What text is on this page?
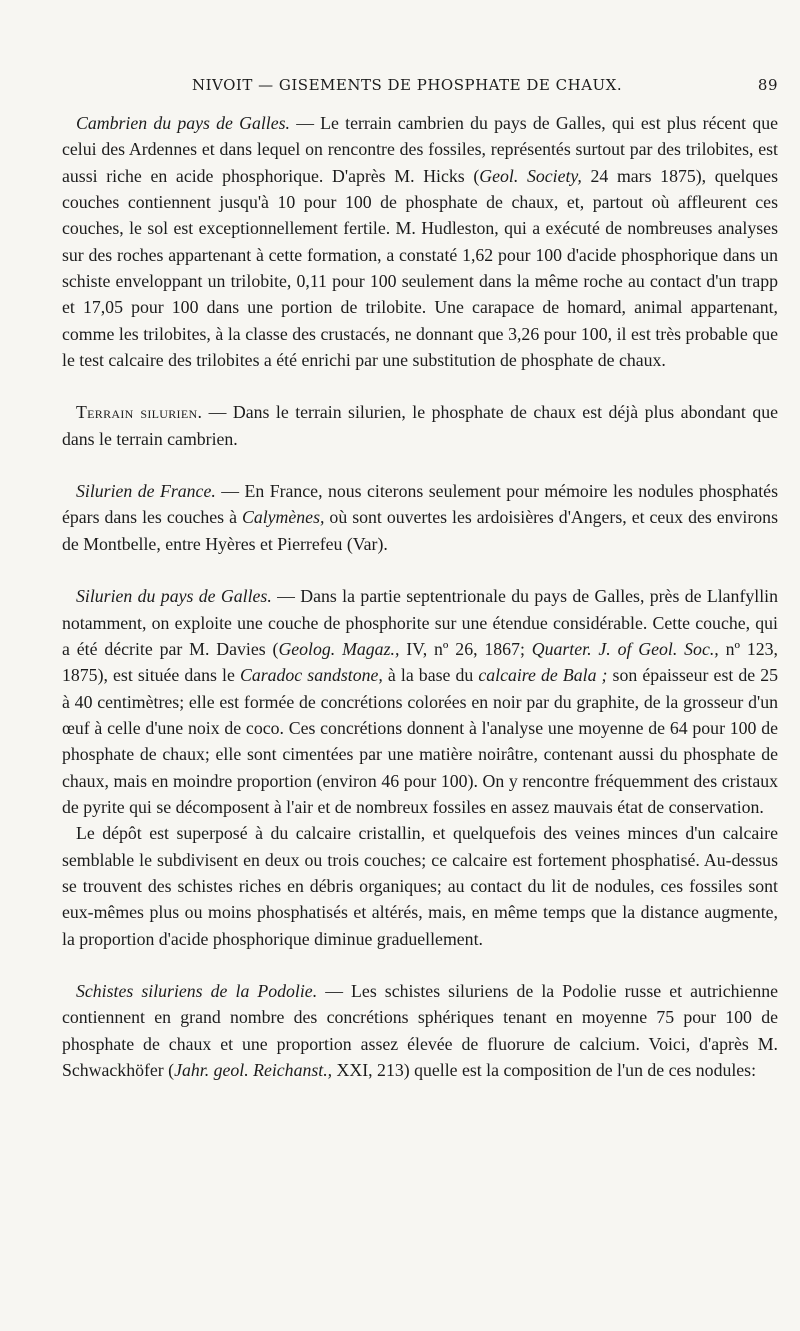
NIVOIT — GISEMENTS DE PHOSPHATE DE CHAUX.	89

Cambrien du pays de Galles. — Le terrain cambrien du pays de Galles, qui est plus récent que celui des Ardennes et dans lequel on rencontre des fossiles, représentés surtout par des trilobites, est aussi riche en acide phosphorique. D'après M. Hicks (Geol. Society, 24 mars 1875), quelques couches contiennent jusqu'à 10 pour 100 de phosphate de chaux, et, partout où affleurent ces couches, le sol est exceptionnellement fertile. M. Hudleston, qui a exécuté de nombreuses analyses sur des roches appartenant à cette formation, a constaté 1,62 pour 100 d'acide phosphorique dans un schiste enveloppant un trilobite, 0,11 pour 100 seulement dans la même roche au contact d'un trapp et 17,05 pour 100 dans une portion de trilobite. Une carapace de homard, animal appartenant, comme les trilobites, à la classe des crustacés, ne donnant que 3,26 pour 100, il est très probable que le test calcaire des trilobites a été enrichi par une substitution de phosphate de chaux.

Terrain silurien. — Dans le terrain silurien, le phosphate de chaux est déjà plus abondant que dans le terrain cambrien.

Silurien de France. — En France, nous citerons seulement pour mémoire les nodules phosphatés épars dans les couches à Calymènes, où sont ouvertes les ardoisières d'Angers, et ceux des environs de Montbelle, entre Hyères et Pierrefeu (Var).

Silurien du pays de Galles. — Dans la partie septentrionale du pays de Galles, près de Llanfyllin notamment, on exploite une couche de phosphorite sur une étendue considérable. Cette couche, qui a été décrite par M. Davies (Geolog. Magaz., IV, nº 26, 1867; Quarter. J. of Geol. Soc., nº 123, 1875), est située dans le Caradoc sandstone, à la base du calcaire de Bala ; son épaisseur est de 25 à 40 centimètres; elle est formée de concrétions colorées en noir par du graphite, de la grosseur d'un œuf à celle d'une noix de coco. Ces concrétions donnent à l'analyse une moyenne de 64 pour 100 de phosphate de chaux; elle sont cimentées par une matière noirâtre, contenant aussi du phosphate de chaux, mais en moindre proportion (environ 46 pour 100). On y rencontre fréquemment des cristaux de pyrite qui se décomposent à l'air et de nombreux fossiles en assez mauvais état de conservation.

Le dépôt est superposé à du calcaire cristallin, et quelquefois des veines minces d'un calcaire semblable le subdivisent en deux ou trois couches; ce calcaire est fortement phosphatisé. Au-dessus se trouvent des schistes riches en débris organiques; au contact du lit de nodules, ces fossiles sont eux-mêmes plus ou moins phosphatisés et altérés, mais, en même temps que la distance augmente, la proportion d'acide phosphorique diminue graduellement.

Schistes siluriens de la Podolie. — Les schistes siluriens de la Podolie russe et autrichienne contiennent en grand nombre des concrétions sphériques tenant en moyenne 75 pour 100 de phosphate de chaux et une proportion assez élevée de fluorure de calcium. Voici, d'après M. Schwackhöfer (Jahr. geol. Reichanst., XXI, 213) quelle est la composition de l'un de ces nodules:
